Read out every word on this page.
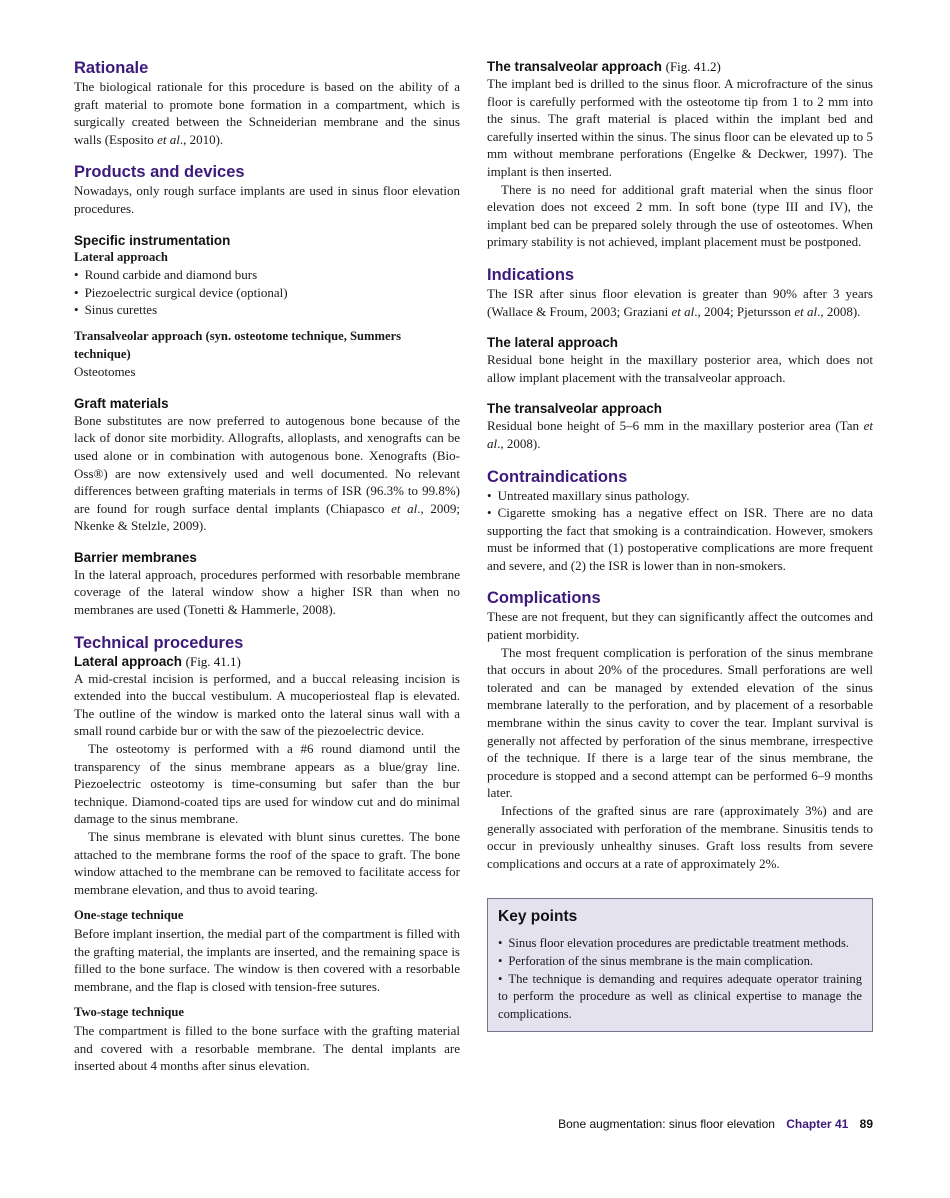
Rationale

The biological rationale for this procedure is based on the ability of a graft material to promote bone formation in a compartment, which is surgically created between the Schneiderian membrane and the sinus walls (Esposito et al., 2010).

Products and devices

Nowadays, only rough surface implants are used in sinus floor elevation procedures.

Specific instrumentation
Lateral approach
• Round carbide and diamond burs
• Piezoelectric surgical device (optional)
• Sinus curettes
Transalveolar approach (syn. osteotome technique, Summers technique)

Osteotomes

Graft materials

Bone substitutes are now preferred to autogenous bone because of the lack of donor site morbidity. Allografts, alloplasts, and xenografts can be used alone or in combination with autogenous bone. Xenografts (Bio-Oss®) are now extensively used and well documented. No relevant differences between grafting materials in terms of ISR (96.3% to 99.8%) are found for rough surface dental implants (Chiapasco et al., 2009; Nkenke & Stelzle, 2009).

Barrier membranes

In the lateral approach, procedures performed with resorbable membrane coverage of the lateral window show a higher ISR than when no membranes are used (Tonetti & Hammerle, 2008).

Technical procedures
Lateral approach (Fig. 41.1)

A mid-crestal incision is performed, and a buccal releasing incision is extended into the buccal vestibulum. A mucoperiosteal flap is elevated. The outline of the window is marked onto the lateral sinus wall with a small round carbide bur or with the saw of the piezoelectric device.

The osteotomy is performed with a #6 round diamond until the transparency of the sinus membrane appears as a blue/gray line. Piezoelectric osteotomy is time-consuming but safer than the bur technique. Diamond-coated tips are used for window cut and do minimal damage to the sinus membrane.

The sinus membrane is elevated with blunt sinus curettes. The bone attached to the membrane forms the roof of the space to graft. The bone window attached to the membrane can be removed to facilitate access for membrane elevation, and thus to avoid tearing.

One-stage technique

Before implant insertion, the medial part of the compartment is filled with the grafting material, the implants are inserted, and the remaining space is filled to the bone surface. The window is then covered with a resorbable membrane, and the flap is closed with tension-free sutures.

Two-stage technique

The compartment is filled to the bone surface with the grafting material and covered with a resorbable membrane. The dental implants are inserted about 4 months after sinus elevation.

The transalveolar approach (Fig. 41.2)

The implant bed is drilled to the sinus floor. A microfracture of the sinus floor is carefully performed with the osteotome tip from 1 to 2 mm into the sinus. The graft material is placed within the implant bed and carefully inserted within the sinus. The sinus floor can be elevated up to 5 mm without membrane perforations (Engelke & Deckwer, 1997). The implant is then inserted.

There is no need for additional graft material when the sinus floor elevation does not exceed 2 mm. In soft bone (type III and IV), the implant bed can be prepared solely through the use of osteotomes. When primary stability is not achieved, implant placement must be postponed.

Indications

The ISR after sinus floor elevation is greater than 90% after 3 years (Wallace & Froum, 2003; Graziani et al., 2004; Pjetursson et al., 2008).

The lateral approach

Residual bone height in the maxillary posterior area, which does not allow implant placement with the transalveolar approach.

The transalveolar approach

Residual bone height of 5–6 mm in the maxillary posterior area (Tan et al., 2008).

Contraindications
• Untreated maxillary sinus pathology.
• Cigarette smoking has a negative effect on ISR. There are no data supporting the fact that smoking is a contraindication. However, smokers must be informed that (1) postoperative complications are more frequent and severe, and (2) the ISR is lower than in non-smokers.
Complications

These are not frequent, but they can significantly affect the outcomes and patient morbidity.

The most frequent complication is perforation of the sinus membrane that occurs in about 20% of the procedures. Small perforations are well tolerated and can be managed by extended elevation of the sinus membrane laterally to the perforation, and by placement of a resorbable membrane within the sinus cavity to cover the tear. Implant survival is generally not affected by perforation of the sinus membrane, irrespective of the technique. If there is a large tear of the sinus membrane, the procedure is stopped and a second attempt can be performed 6–9 months later.

Infections of the grafted sinus are rare (approximately 3%) and are generally associated with perforation of the membrane. Sinusitis tends to occur in previously unhealthy sinuses. Graft loss results from severe complications and occurs at a rate of approximately 2%.

Key points
• Sinus floor elevation procedures are predictable treatment methods.
• Perforation of the sinus membrane is the main complication.
• The technique is demanding and requires adequate operator training to perform the procedure as well as clinical expertise to manage the complications.
Bone augmentation: sinus floor elevation Chapter 41 89
